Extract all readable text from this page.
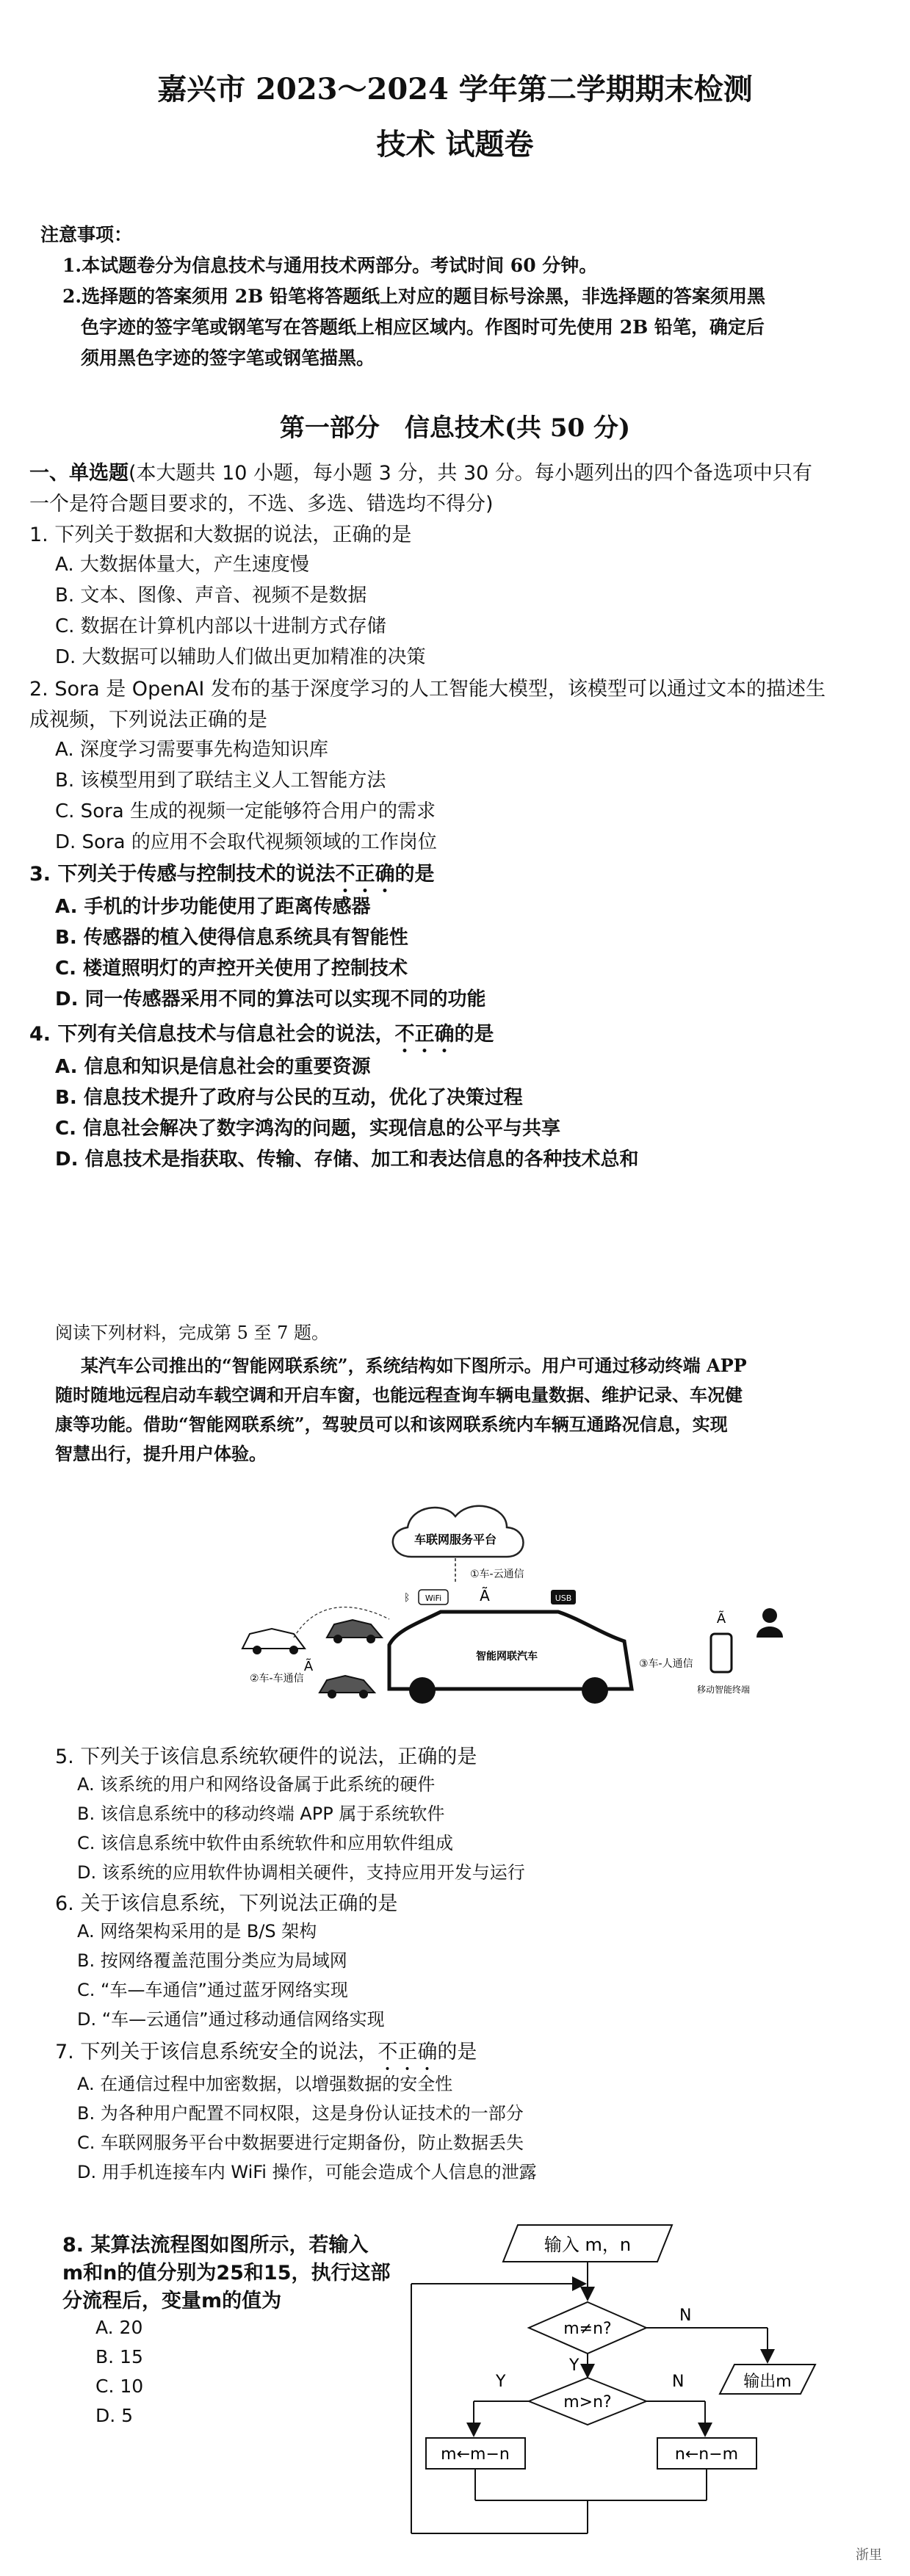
嘉兴市 2023～2024 学年第二学期期末检测
技术 试题卷
注意事项：
1.本试题卷分为信息技术与通用技术两部分。考试时间 60 分钟。
2.选择题的答案须用 2B 铅笔将答题纸上对应的题目标号涂黑，非选择题的答案须用黑
色字迹的签字笔或钢笔写在答题纸上相应区域内。作图时可先使用 2B 铅笔，确定后
须用黑色字迹的签字笔或钢笔描黑。
第一部分　信息技术(共 50 分)
一、单选题(本大题共 10 小题，每小题 3 分，共 30 分。每小题列出的四个备选项中只有
一个是符合题目要求的，不选、多选、错选均不得分)
1. 下列关于数据和大数据的说法，正确的是
A. 大数据体量大，产生速度慢
B. 文本、图像、声音、视频不是数据
C. 数据在计算机内部以十进制方式存储
D. 大数据可以辅助人们做出更加精准的决策
2. Sora 是 OpenAI 发布的基于深度学习的人工智能大模型，该模型可以通过文本的描述生
成视频，下列说法正确的是
A. 深度学习需要事先构造知识库
B. 该模型用到了联结主义人工智能方法
C. Sora 生成的视频一定能够符合用户的需求
D. Sora 的应用不会取代视频领域的工作岗位
3. 下列关于传感与控制技术的说法不正确的是
A. 手机的计步功能使用了距离传感器
B. 传感器的植入使得信息系统具有智能性
C. 楼道照明灯的声控开关使用了控制技术
D. 同一传感器采用不同的算法可以实现不同的功能
4. 下列有关信息技术与信息社会的说法，不正确的是
A. 信息和知识是信息社会的重要资源
B. 信息技术提升了政府与公民的互动，优化了决策过程
C. 信息社会解决了数字鸿沟的问题，实现信息的公平与共享
D. 信息技术是指获取、传输、存储、加工和表达信息的各种技术总和
阅读下列材料，完成第 5 至 7 题。
某汽车公司推出的“智能网联系统”，系统结构如下图所示。用户可通过移动终端 APP
随时随地远程启动车载空调和开启车窗，也能远程查询车辆电量数据、维护记录、车况健
康等功能。借助“智能网联系统”，驾驶员可以和该网联系统内车辆互通路况信息，实现
智慧出行，提升用户体验。
车联网服务平台
①车-云通信
智能网联汽车
ᛒ WiFi	Ã	USB
Ã
②车-车通信
③车-人通信
Ã
移动智能终端
5. 下列关于该信息系统软硬件的说法，正确的是
A. 该系统的用户和网络设备属于此系统的硬件
B. 该信息系统中的移动终端 APP 属于系统软件
C. 该信息系统中软件由系统软件和应用软件组成
D. 该系统的应用软件协调相关硬件，支持应用开发与运行
6. 关于该信息系统，下列说法正确的是
A. 网络架构采用的是 B/S 架构
B. 按网络覆盖范围分类应为局域网
C. “车—车通信”通过蓝牙网络实现
D. “车—云通信”通过移动通信网络实现
7. 下列关于该信息系统安全的说法，不正确的是
A. 在通信过程中加密数据，以增强数据的安全性
B. 为各种用户配置不同权限，这是身份认证技术的一部分
C. 车联网服务平台中数据要进行定期备份，防止数据丢失
D. 用手机连接车内 WiFi 操作，可能会造成个人信息的泄露
8. 某算法流程图如图所示，若输入
m和n的值分别为25和15，执行这部
分流程后，变量m的值为
A. 20
B. 15
C. 10
D. 5
输入 m，n
m≠n?
N
输出m
Y
m>n?
Y	N
m←m−n	n←n−m
浙里
